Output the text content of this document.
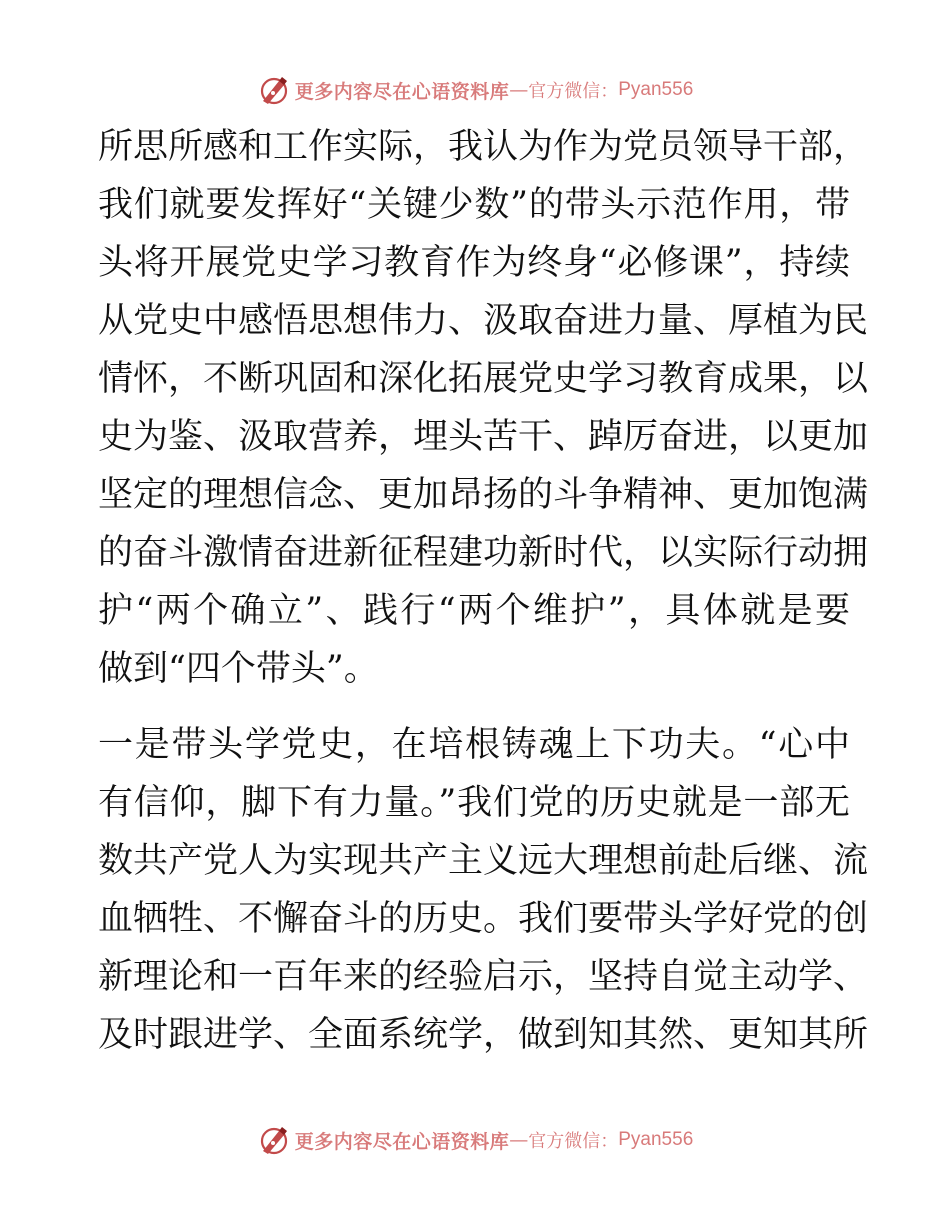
更多内容尽在心语资料库 — 官方微信： Pyan556
所思所感和工作实际，我认为作为党员领导干部，
我们就要发挥好“关键少数”的带头示范作用，带
头将开展党史学习教育作为终身“必修课”，持续
从党史中感悟思想伟力、汲取奋进力量、厚植为民
情怀，不断巩固和深化拓展党史学习教育成果，以
史为鉴、汲取营养，埋头苦干、踔厉奋进，以更加
坚定的理想信念、更加昂扬的斗争精神、更加饱满
的奋斗激情奋进新征程建功新时代，以实际行动拥
护“两个确立”、践行“两个维护”，具体就是要
做到“四个带头”。
一是带头学党史，在培根铸魂上下功夫。“心中
有信仰，脚下有力量。”我们党的历史就是一部无
数共产党人为实现共产主义远大理想前赴后继、流
血牺牲、不懈奋斗的历史。我们要带头学好党的创
新理论和一百年来的经验启示，坚持自觉主动学、
及时跟进学、全面系统学，做到知其然、更知其所
更多内容尽在心语资料库 — 官方微信： Pyan556
